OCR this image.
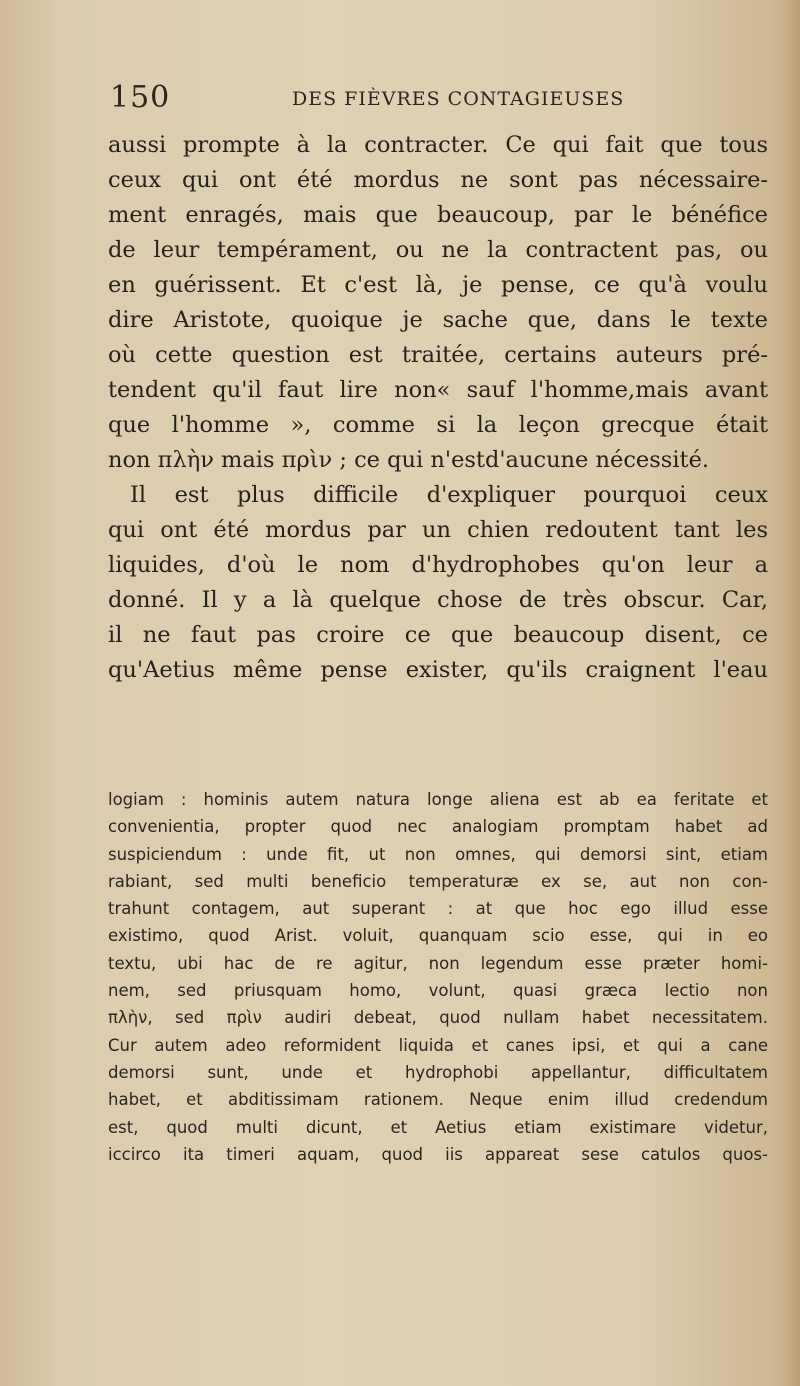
150	DES FIÈVRES CONTAGIEUSES
aussi prompte à la contracter. Ce qui fait que tous
ceux qui ont été mordus ne sont pas nécessaire-
ment enragés, mais que beaucoup, par le bénéfice
de leur tempérament, ou ne la contractent pas, ou
en guérissent. Et c'est là, je pense, ce qu'à voulu
dire Aristote, quoique je sache que, dans le texte
où cette question est traitée, certains auteurs pré-
tendent qu'il faut lire non« sauf l'homme,mais avant
que l'homme », comme si la leçon grecque était
non πλὴν mais πρὶν ; ce qui n'estd'aucune nécessité.
Il est plus difficile d'expliquer pourquoi ceux
qui ont été mordus par un chien redoutent tant les
liquides, d'où le nom d'hydrophobes qu'on leur a
donné. Il y a là quelque chose de très obscur. Car,
il ne faut pas croire ce que beaucoup disent, ce
qu'Aetius même pense exister, qu'ils craignent l'eau
logiam : hominis autem natura longe aliena est ab ea feritate et
convenientia, propter quod nec analogiam promptam habet ad
suspiciendum : unde fit, ut non omnes, qui demorsi sint, etiam
rabiant, sed multi beneficio temperaturæ ex se, aut non con-
trahunt contagem, aut superant : at que hoc ego illud esse
existimo, quod Arist. voluit, quanquam scio esse, qui in eo
textu, ubi hac de re agitur, non legendum esse præter homi-
nem, sed priusquam homo, volunt, quasi græca lectio non
πλὴν, sed πρὶν audiri debeat, quod nullam habet necessitatem.
Cur autem adeo reformident liquida et canes ipsi, et qui a cane
demorsi sunt, unde et hydrophobi appellantur, difficultatem
habet, et abditissimam rationem. Neque enim illud credendum
est, quod multi dicunt, et Aetius etiam existimare videtur,
iccirco ita timeri aquam, quod iis appareat sese catulos quos-
